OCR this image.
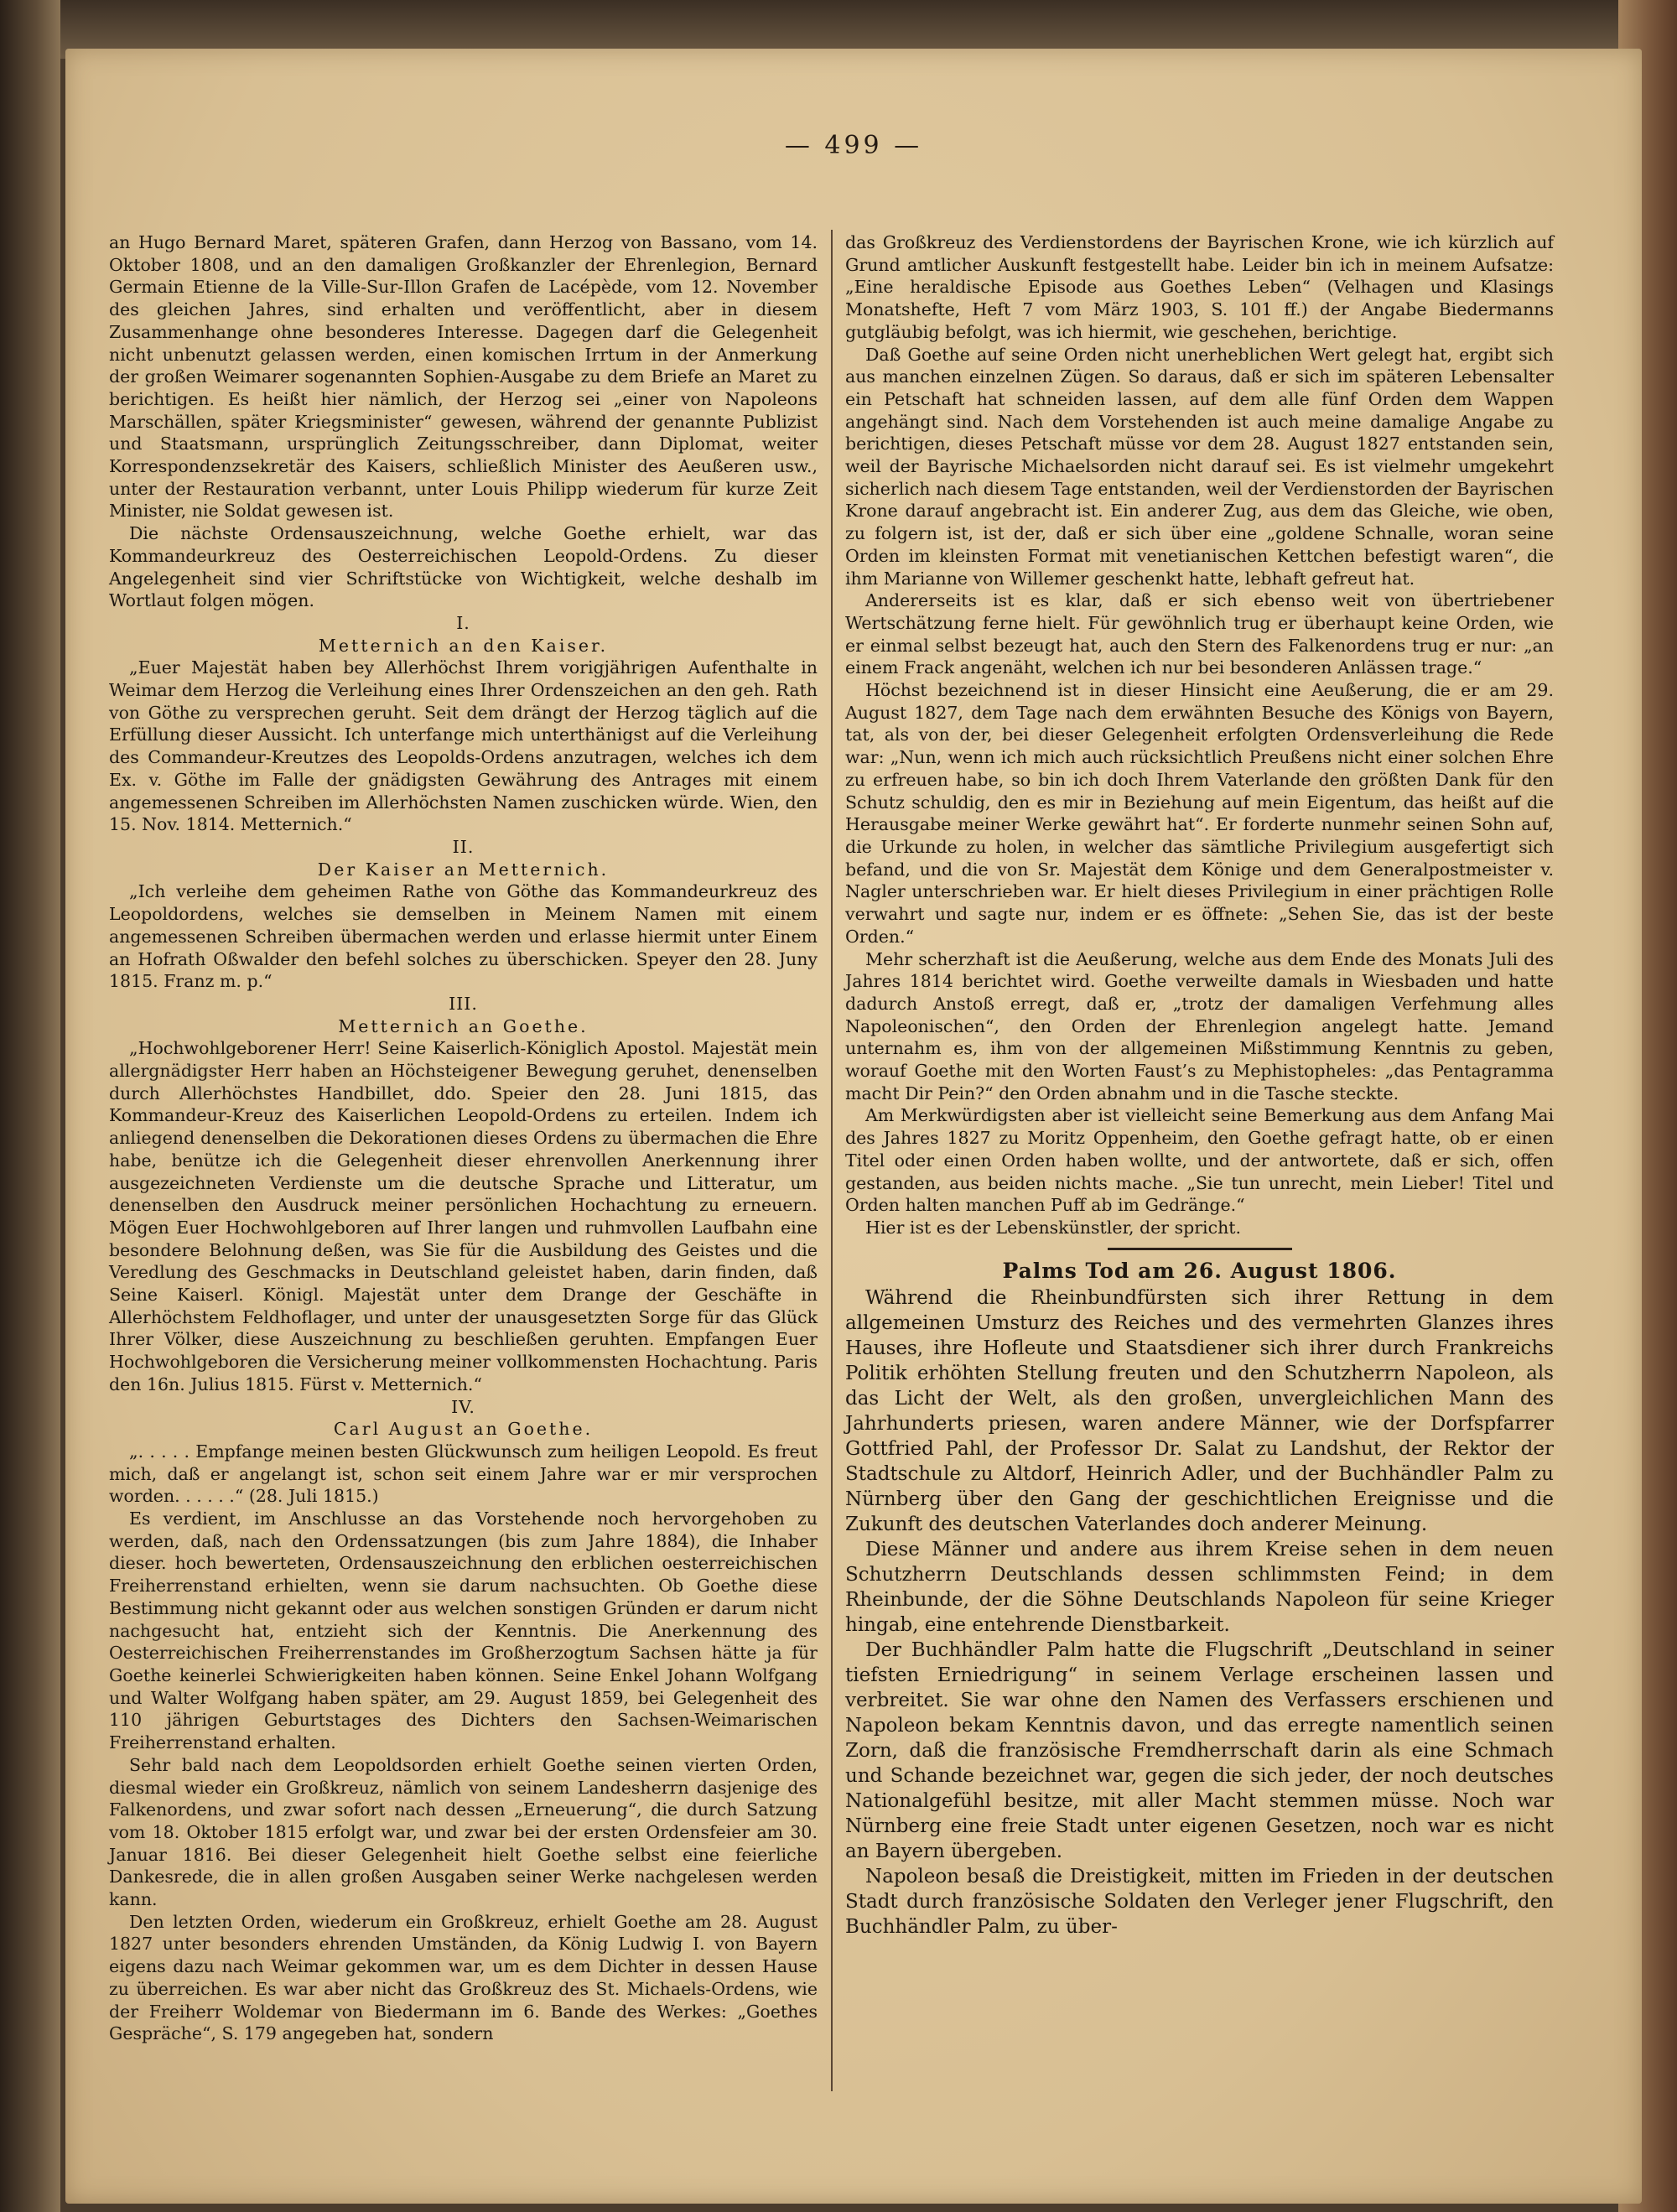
— 499 —

an Hugo Bernard Maret, späteren Grafen, dann Herzog von Bassano, vom 14. Oktober 1808, und an den damaligen Großkanzler der Ehrenlegion, Bernard Germain Etienne de la Ville-Sur-Illon Grafen de Lacépède, vom 12. November des gleichen Jahres, sind erhalten und veröffentlicht, aber in diesem Zusammenhange ohne besonderes Interesse. Dagegen darf die Gelegenheit nicht unbenutzt gelassen werden, einen komischen Irrtum in der Anmerkung der großen Weimarer sogenannten Sophien-Ausgabe zu dem Briefe an Maret zu berichtigen. Es heißt hier nämlich, der Herzog sei „einer von Napoleons Marschällen, später Kriegsminister“ gewesen, während der genannte Publizist und Staatsmann, ursprünglich Zeitungsschreiber, dann Diplomat, weiter Korrespondenzsekretär des Kaisers, schließlich Minister des Aeußeren usw., unter der Restauration verbannt, unter Louis Philipp wiederum für kurze Zeit Minister, nie Soldat gewesen ist.

Die nächste Ordensauszeichnung, welche Goethe erhielt, war das Kommandeurkreuz des Oesterreichischen Leopold-Ordens. Zu dieser Angelegenheit sind vier Schriftstücke von Wichtigkeit, welche deshalb im Wortlaut folgen mögen.

I.

Metternich an den Kaiser.

„Euer Majestät haben bey Allerhöchst Ihrem vorigjährigen Aufenthalte in Weimar dem Herzog die Verleihung eines Ihrer Ordenszeichen an den geh. Rath von Göthe zu versprechen geruht. Seit dem drängt der Herzog täglich auf die Erfüllung dieser Aussicht. Ich unterfange mich unterthänigst auf die Verleihung des Commandeur-Kreutzes des Leopolds-Ordens anzutragen, welches ich dem Ex. v. Göthe im Falle der gnädigsten Gewährung des Antrages mit einem angemessenen Schreiben im Allerhöchsten Namen zuschicken würde. Wien, den 15. Nov. 1814. Metternich.“

II.

Der Kaiser an Metternich.

„Ich verleihe dem geheimen Rathe von Göthe das Kommandeurkreuz des Leopoldordens, welches sie demselben in Meinem Namen mit einem angemessenen Schreiben übermachen werden und erlasse hiermit unter Einem an Hofrath Oßwalder den befehl solches zu überschicken. Speyer den 28. Juny 1815. Franz m. p.“

III.

Metternich an Goethe.

„Hochwohlgeborener Herr! Seine Kaiserlich-Königlich Apostol. Majestät mein allergnädigster Herr haben an Höchsteigener Bewegung geruhet, denenselben durch Allerhöchstes Handbillet, ddo. Speier den 28. Juni 1815, das Kommandeur-Kreuz des Kaiserlichen Leopold-Ordens zu erteilen. Indem ich anliegend denenselben die Dekorationen dieses Ordens zu übermachen die Ehre habe, benütze ich die Gelegenheit dieser ehrenvollen Anerkennung ihrer ausgezeichneten Verdienste um die deutsche Sprache und Litteratur, um denenselben den Ausdruck meiner persönlichen Hochachtung zu erneuern. Mögen Euer Hochwohlgeboren auf Ihrer langen und ruhmvollen Laufbahn eine besondere Belohnung deßen, was Sie für die Ausbildung des Geistes und die Veredlung des Geschmacks in Deutschland geleistet haben, darin finden, daß Seine Kaiserl. Königl. Majestät unter dem Drange der Geschäfte in Allerhöchstem Feldhoflager, und unter der unausgesetzten Sorge für das Glück Ihrer Völker, diese Auszeichnung zu beschließen geruhten. Empfangen Euer Hochwohlgeboren die Versicherung meiner vollkommensten Hochachtung. Paris den 16n. Julius 1815. Fürst v. Metternich.“

IV.

Carl August an Goethe.

„. . . . . Empfange meinen besten Glückwunsch zum heiligen Leopold. Es freut mich, daß er angelangt ist, schon seit einem Jahre war er mir versprochen worden. . . . . .“ (28. Juli 1815.)

Es verdient, im Anschlusse an das Vorstehende noch hervorgehoben zu werden, daß, nach den Ordenssatzungen (bis zum Jahre 1884), die Inhaber dieser. hoch bewerteten, Ordensauszeichnung den erblichen oesterreichischen Freiherrenstand erhielten, wenn sie darum nachsuchten. Ob Goethe diese Bestimmung nicht gekannt oder aus welchen sonstigen Gründen er darum nicht nachgesucht hat, entzieht sich der Kenntnis. Die Anerkennung des Oesterreichischen Freiherrenstandes im Großherzogtum Sachsen hätte ja für Goethe keinerlei Schwierigkeiten haben können. Seine Enkel Johann Wolfgang und Walter Wolfgang haben später, am 29. August 1859, bei Gelegenheit des 110 jährigen Geburtstages des Dichters den Sachsen-Weimarischen Freiherrenstand erhalten.

Sehr bald nach dem Leopoldsorden erhielt Goethe seinen vierten Orden, diesmal wieder ein Großkreuz, nämlich von seinem Landesherrn dasjenige des Falkenordens, und zwar sofort nach dessen „Erneuerung“, die durch Satzung vom 18. Oktober 1815 erfolgt war, und zwar bei der ersten Ordensfeier am 30. Januar 1816. Bei dieser Gelegenheit hielt Goethe selbst eine feierliche Dankesrede, die in allen großen Ausgaben seiner Werke nachgelesen werden kann.

Den letzten Orden, wiederum ein Großkreuz, erhielt Goethe am 28. August 1827 unter besonders ehrenden Umständen, da König Ludwig I. von Bayern eigens dazu nach Weimar gekommen war, um es dem Dichter in dessen Hause zu überreichen. Es war aber nicht das Großkreuz des St. Michaels-Ordens, wie der Freiherr Woldemar von Biedermann im 6. Bande des Werkes: „Goethes Gespräche“, S. 179 angegeben hat, sondern

das Großkreuz des Verdienstordens der Bayrischen Krone, wie ich kürzlich auf Grund amtlicher Auskunft festgestellt habe. Leider bin ich in meinem Aufsatze: „Eine heraldische Episode aus Goethes Leben“ (Velhagen und Klasings Monatshefte, Heft 7 vom März 1903, S. 101 ff.) der Angabe Biedermanns gutgläubig befolgt, was ich hiermit, wie geschehen, berichtige.

Daß Goethe auf seine Orden nicht unerheblichen Wert gelegt hat, ergibt sich aus manchen einzelnen Zügen. So daraus, daß er sich im späteren Lebensalter ein Petschaft hat schneiden lassen, auf dem alle fünf Orden dem Wappen angehängt sind. Nach dem Vorstehenden ist auch meine damalige Angabe zu berichtigen, dieses Petschaft müsse vor dem 28. August 1827 entstanden sein, weil der Bayrische Michaelsorden nicht darauf sei. Es ist vielmehr umgekehrt sicherlich nach diesem Tage entstanden, weil der Verdienstorden der Bayrischen Krone darauf angebracht ist. Ein anderer Zug, aus dem das Gleiche, wie oben, zu folgern ist, ist der, daß er sich über eine „goldene Schnalle, woran seine Orden im kleinsten Format mit venetianischen Kettchen befestigt waren“, die ihm Marianne von Willemer geschenkt hatte, lebhaft gefreut hat.

Andererseits ist es klar, daß er sich ebenso weit von übertriebener Wertschätzung ferne hielt. Für gewöhnlich trug er überhaupt keine Orden, wie er einmal selbst bezeugt hat, auch den Stern des Falkenordens trug er nur: „an einem Frack angenäht, welchen ich nur bei besonderen Anlässen trage.“

Höchst bezeichnend ist in dieser Hinsicht eine Aeußerung, die er am 29. August 1827, dem Tage nach dem erwähnten Besuche des Königs von Bayern, tat, als von der, bei dieser Gelegenheit erfolgten Ordensverleihung die Rede war: „Nun, wenn ich mich auch rücksichtlich Preußens nicht einer solchen Ehre zu erfreuen habe, so bin ich doch Ihrem Vaterlande den größten Dank für den Schutz schuldig, den es mir in Beziehung auf mein Eigentum, das heißt auf die Herausgabe meiner Werke gewährt hat“. Er forderte nunmehr seinen Sohn auf, die Urkunde zu holen, in welcher das sämtliche Privilegium ausgefertigt sich befand, und die von Sr. Majestät dem Könige und dem Generalpostmeister v. Nagler unterschrieben war. Er hielt dieses Privilegium in einer prächtigen Rolle verwahrt und sagte nur, indem er es öffnete: „Sehen Sie, das ist der beste Orden.“

Mehr scherzhaft ist die Aeußerung, welche aus dem Ende des Monats Juli des Jahres 1814 berichtet wird. Goethe verweilte damals in Wiesbaden und hatte dadurch Anstoß erregt, daß er, „trotz der damaligen Verfehmung alles Napoleonischen“, den Orden der Ehrenlegion angelegt hatte. Jemand unternahm es, ihm von der allgemeinen Mißstimmung Kenntnis zu geben, worauf Goethe mit den Worten Faust’s zu Mephistopheles: „das Pentagramma macht Dir Pein?“ den Orden abnahm und in die Tasche steckte.

Am Merkwürdigsten aber ist vielleicht seine Bemerkung aus dem Anfang Mai des Jahres 1827 zu Moritz Oppenheim, den Goethe gefragt hatte, ob er einen Titel oder einen Orden haben wollte, und der antwortete, daß er sich, offen gestanden, aus beiden nichts mache. „Sie tun unrecht, mein Lieber! Titel und Orden halten manchen Puff ab im Gedränge.“

Hier ist es der Lebenskünstler, der spricht.

Palms Tod am 26. August 1806.

Während die Rheinbundfürsten sich ihrer Rettung in dem allgemeinen Umsturz des Reiches und des vermehrten Glanzes ihres Hauses, ihre Hofleute und Staatsdiener sich ihrer durch Frankreichs Politik erhöhten Stellung freuten und den Schutzherrn Napoleon, als das Licht der Welt, als den großen, unvergleichlichen Mann des Jahrhunderts priesen, waren andere Männer, wie der Dorfspfarrer Gottfried Pahl, der Professor Dr. Salat zu Landshut, der Rektor der Stadtschule zu Altdorf, Heinrich Adler, und der Buchhändler Palm zu Nürnberg über den Gang der geschichtlichen Ereignisse und die Zukunft des deutschen Vaterlandes doch anderer Meinung.

Diese Männer und andere aus ihrem Kreise sehen in dem neuen Schutzherrn Deutschlands dessen schlimmsten Feind; in dem Rheinbunde, der die Söhne Deutschlands Napoleon für seine Krieger hingab, eine entehrende Dienstbarkeit.

Der Buchhändler Palm hatte die Flugschrift „Deutschland in seiner tiefsten Erniedrigung“ in seinem Verlage erscheinen lassen und verbreitet. Sie war ohne den Namen des Verfassers erschienen und Napoleon bekam Kenntnis davon, und das erregte namentlich seinen Zorn, daß die französische Fremdherrschaft darin als eine Schmach und Schande bezeichnet war, gegen die sich jeder, der noch deutsches Nationalgefühl besitze, mit aller Macht stemmen müsse. Noch war Nürnberg eine freie Stadt unter eigenen Gesetzen, noch war es nicht an Bayern übergeben.

Napoleon besaß die Dreistigkeit, mitten im Frieden in der deutschen Stadt durch französische Soldaten den Verleger jener Flugschrift, den Buchhändler Palm, zu über-
